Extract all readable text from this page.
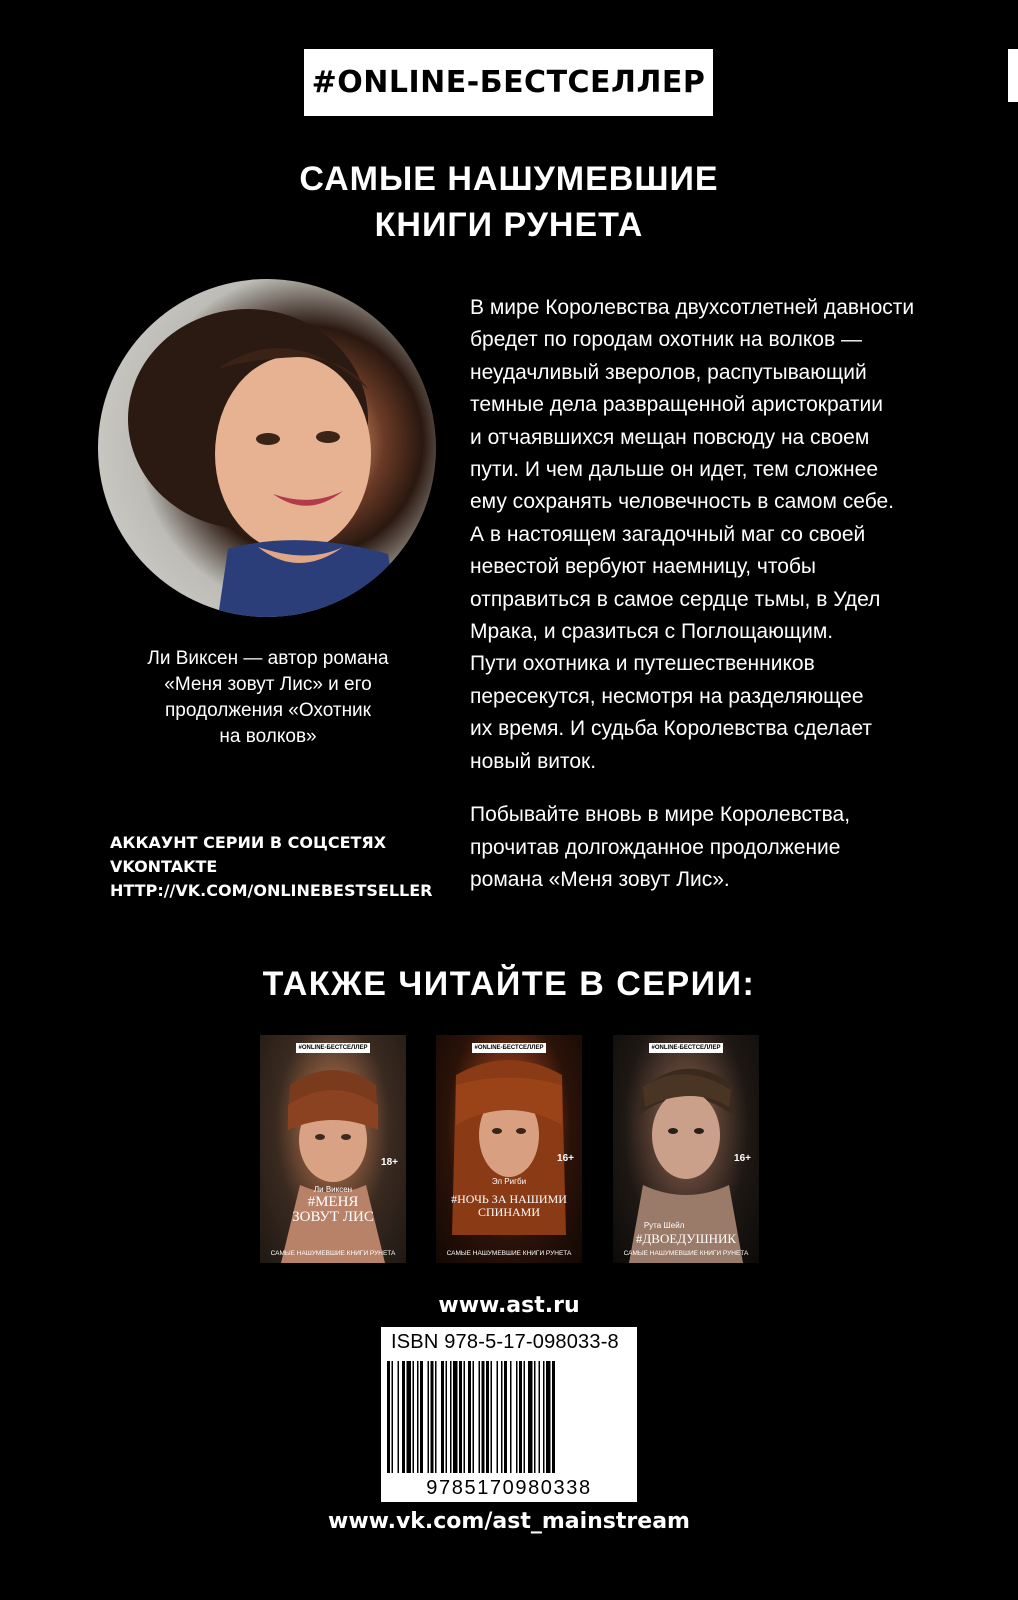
#ONLINE-БЕСТСЕЛЛЕР
САМЫЕ НАШУМЕВШИЕ
КНИГИ РУНЕТА
Ли Виксен — автор романа
«Меня зовут Лис» и его
продолжения «Охотник
на волков»
АККАУНТ СЕРИИ В СОЦСЕТЯХ
VKONTAKTE
HTTP://VK.COM/ONLINEBESTSELLER

В мире Королевства двухсотлетней давности
бредет по городам охотник на волков —
неудачливый зверолов, распутывающий
темные дела развращенной аристократии
и отчаявшихся мещан повсюду на своем
пути. И чем дальше он идет, тем сложнее
ему сохранять человечность в самом себе.
А в настоящем загадочный маг со своей
невестой вербуют наемницу, чтобы
отправиться в самое сердце тьмы, в Удел
Мрака, и сразиться с Поглощающим.
Пути охотника и путешественников
пересекутся, несмотря на разделяющее
их время. И судьба Королевства сделает
новый виток.

Побывайте вновь в мире Королевства,
прочитав долгожданное продолжение
романа «Меня зовут Лис».

ТАКЖЕ ЧИТАЙТЕ В СЕРИИ:
#ONLINE-БЕСТСЕЛЛЕР
18+
Ли Виксен
#МЕНЯ
ЗОВУТ ЛИС
САМЫЕ НАШУМЕВШИЕ КНИГИ РУНЕТА
#ONLINE-БЕСТСЕЛЛЕР
16+
Эл Ригби
#НОЧЬ ЗА НАШИМИ
СПИНАМИ
САМЫЕ НАШУМЕВШИЕ КНИГИ РУНЕТА
#ONLINE-БЕСТСЕЛЛЕР
16+
Рута Шейл
#ДВОЕДУШНИК
САМЫЕ НАШУМЕВШИЕ КНИГИ РУНЕТА
www.ast.ru
ISBN 978-5-17-098033-8
9785170980338
www.vk.com/ast_mainstream
